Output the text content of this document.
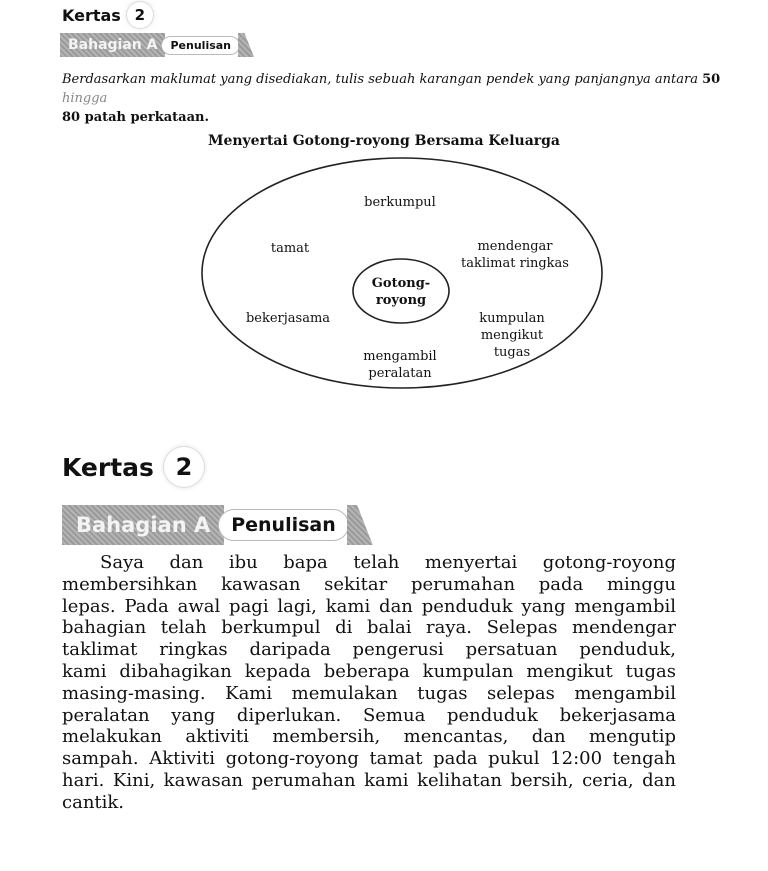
Kertas 2
Bahagian A	Penulisan
Berdasarkan maklumat yang disediakan, tulis sebuah karangan pendek yang panjangnya antara 50 hingga
80 patah perkataan.
Menyertai Gotong-royong Bersama Keluarga
Gotong-
royong
berkumpul
tamat	mendengar
taklimat ringkas
bekerjasama	kumpulan
mengikut
tugas
mengambil
peralatan
Kertas 2
Bahagian A	Penulisan
Saya dan ibu bapa telah menyertai gotong-royong
membersihkan kawasan sekitar perumahan pada minggu
lepas. Pada awal pagi lagi, kami dan penduduk yang mengambil
bahagian telah berkumpul di balai raya. Selepas mendengar
taklimat ringkas daripada pengerusi persatuan penduduk,
kami dibahagikan kepada beberapa kumpulan mengikut tugas
masing-masing. Kami memulakan tugas selepas mengambil
peralatan yang diperlukan. Semua penduduk bekerjasama
melakukan aktiviti membersih, mencantas, dan mengutip
sampah. Aktiviti gotong-royong tamat pada pukul 12:00 tengah
hari. Kini, kawasan perumahan kami kelihatan bersih, ceria, dan
cantik.
